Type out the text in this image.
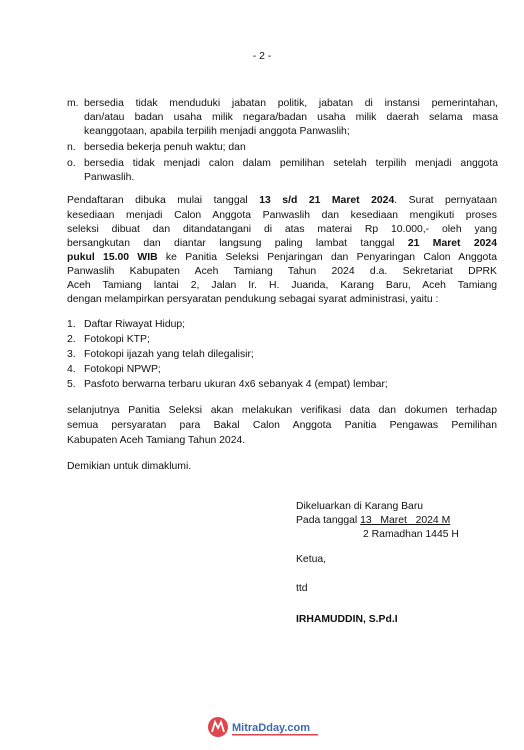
- 2 -
m. bersedia tidak menduduki jabatan politik, jabatan di instansi pemerintahan,
dan/atau badan usaha milik negara/badan usaha milik daerah selama masa
keanggotaan, apabila terpilih menjadi anggota Panwaslih;
n. bersedia bekerja penuh waktu; dan
o. bersedia tidak menjadi calon dalam pemilihan setelah terpilih menjadi anggota
Panwaslih.
Pendaftaran dibuka mulai tanggal 13 s/d 21 Maret 2024. Surat pernyataan
kesediaan menjadi Calon Anggota Panwaslih dan kesediaan mengikuti proses
seleksi dibuat dan ditandatangani di atas materai Rp 10.000,- oleh yang
bersangkutan dan diantar langsung paling lambat tanggal 21 Maret 2024
pukul 15.00 WIB ke Panitia Seleksi Penjaringan dan Penyaringan Calon Anggota
Panwaslih Kabupaten Aceh Tamiang Tahun 2024 d.a. Sekretariat DPRK
Aceh Tamiang lantai 2, Jalan Ir. H. Juanda, Karang Baru, Aceh Tamiang
dengan melampirkan persyaratan pendukung sebagai syarat administrasi, yaitu :
1. Daftar Riwayat Hidup;
2. Fotokopi KTP;
3. Fotokopi ijazah yang telah dilegalisir;
4. Fotokopi NPWP;
5. Pasfoto berwarna terbaru ukuran 4x6 sebanyak 4 (empat) lembar;
selanjutnya Panitia Seleksi akan melakukan verifikasi data dan dokumen terhadap
semua persyaratan para Bakal Calon Anggota Panitia Pengawas Pemilihan
Kabupaten Aceh Tamiang Tahun 2024.
Demikian untuk dimaklumi.
Dikeluarkan di Karang Baru
Pada tanggal 13   Maret   2024 M
2 Ramadhan 1445 H
Ketua,
ttd
IRHAMUDDIN, S.Pd.I
MitraDday.com
